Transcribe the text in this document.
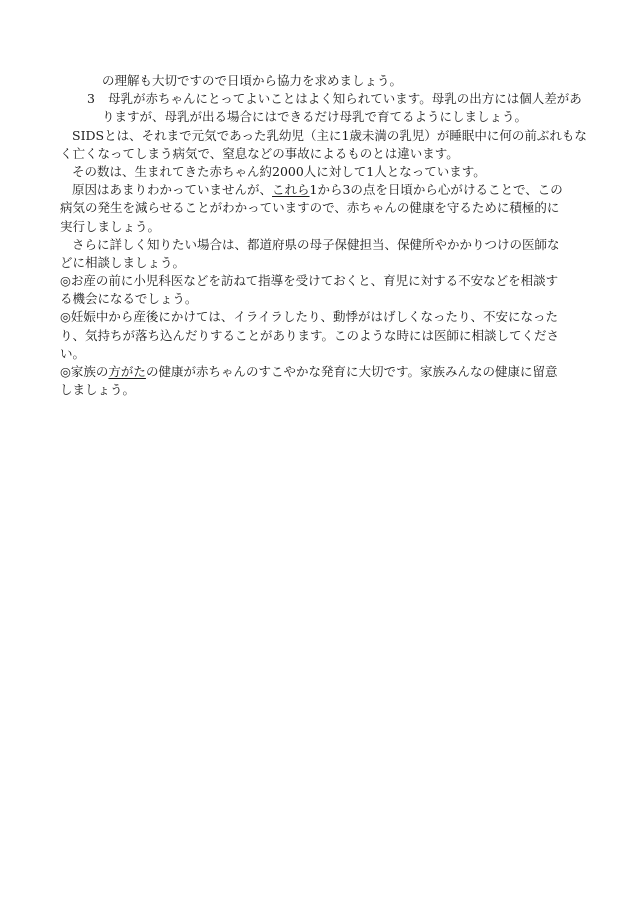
の理解も大切ですので日頃から協力を求めましょう。
3 母乳が赤ちゃんにとってよいことはよく知られています。母乳の出方には個人差があ
りますが、母乳が出る場合にはできるだけ母乳で育てるようにしましょう。
SIDSとは、それまで元気であった乳幼児（主に1歳未満の乳児）が睡眠中に何の前ぶれもな
く亡くなってしまう病気で、窒息などの事故によるものとは違います。
その数は、生まれてきた赤ちゃん約2000人に対して1人となっています。
原因はあまりわかっていませんが、これら1から3の点を日頃から心がけることで、この
病気の発生を減らせることがわかっていますので、赤ちゃんの健康を守るために積極的に
実行しましょう。
さらに詳しく知りたい場合は、都道府県の母子保健担当、保健所やかかりつけの医師な
どに相談しましょう。
◎お産の前に小児科医などを訪ねて指導を受けておくと、育児に対する不安などを相談す
る機会になるでしょう。
◎妊娠中から産後にかけては、イライラしたり、動悸がはげしくなったり、不安になった
り、気持ちが落ち込んだりすることがあります。このような時には医師に相談してくださ
い。
◎家族の方がたの健康が赤ちゃんのすこやかな発育に大切です。家族みんなの健康に留意
しましょう。
